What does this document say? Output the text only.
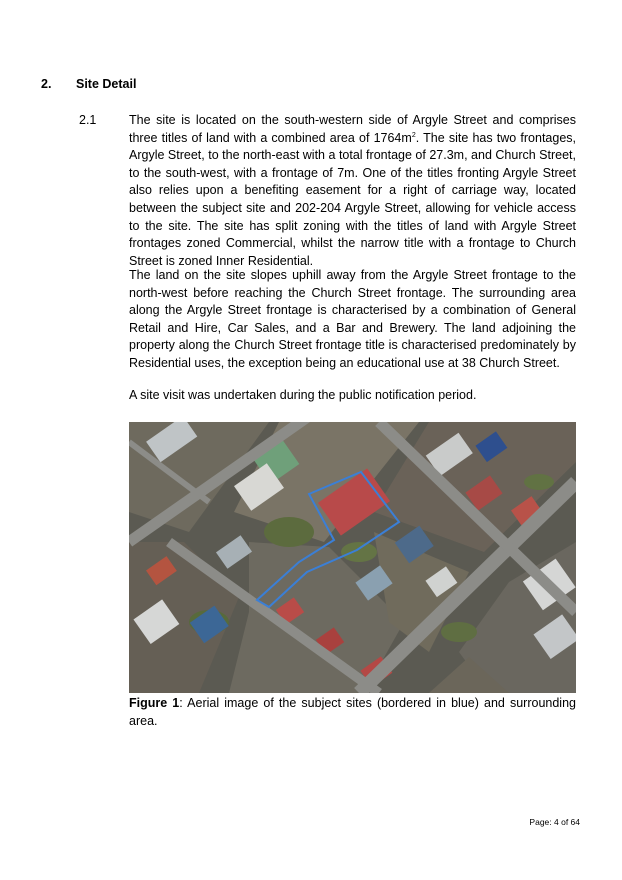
2. Site Detail
2.1	The site is located on the south-western side of Argyle Street and comprises three titles of land with a combined area of $1764m^2$. The site has two frontages, Argyle Street, to the north-east with a total frontage of 27.3m, and Church Street, to the south-west, with a frontage of 7m. One of the titles fronting Argyle Street also relies upon a benefiting easement for a right of carriage way, located between the subject site and 202-204 Argyle Street, allowing for vehicle access to the site. The site has split zoning with the titles of land with Argyle Street frontages zoned Commercial, whilst the narrow title with a frontage to Church Street is zoned Inner Residential.
The land on the site slopes uphill away from the Argyle Street frontage to the north-west before reaching the Church Street frontage. The surrounding area along the Argyle Street frontage is characterised by a combination of General Retail and Hire, Car Sales, and a Bar and Brewery. The land adjoining the property along the Church Street frontage title is characterised predominately by Residential uses, the exception being an educational use at 38 Church Street.
A site visit was undertaken during the public notification period.
Figure 1: Aerial image of the subject sites (bordered in blue) and surrounding area.
Page: 4 of 64
